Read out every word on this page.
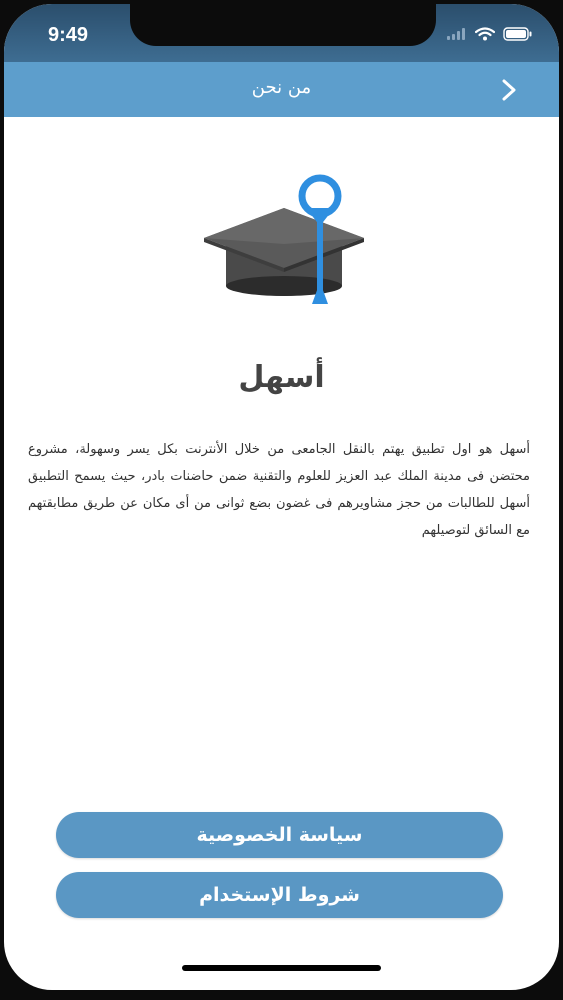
9:49
من نحن
أسهل
أسهل هو اول تطبيق يهتم بالنقل الجامعى من خلال الأنترنت بكل يسر وسهولة، مشروع محتضن فى مدينة الملك عبد العزيز للعلوم والتقنية ضمن حاضنات بادر، حيث يسمح التطبيق أسهل للطالبات من حجز مشاويرهم فى غضون بضع ثوانى من أى مكان عن طريق مطابقتهم مع السائق لتوصيلهم
سياسة الخصوصية
شروط الإستخدام
